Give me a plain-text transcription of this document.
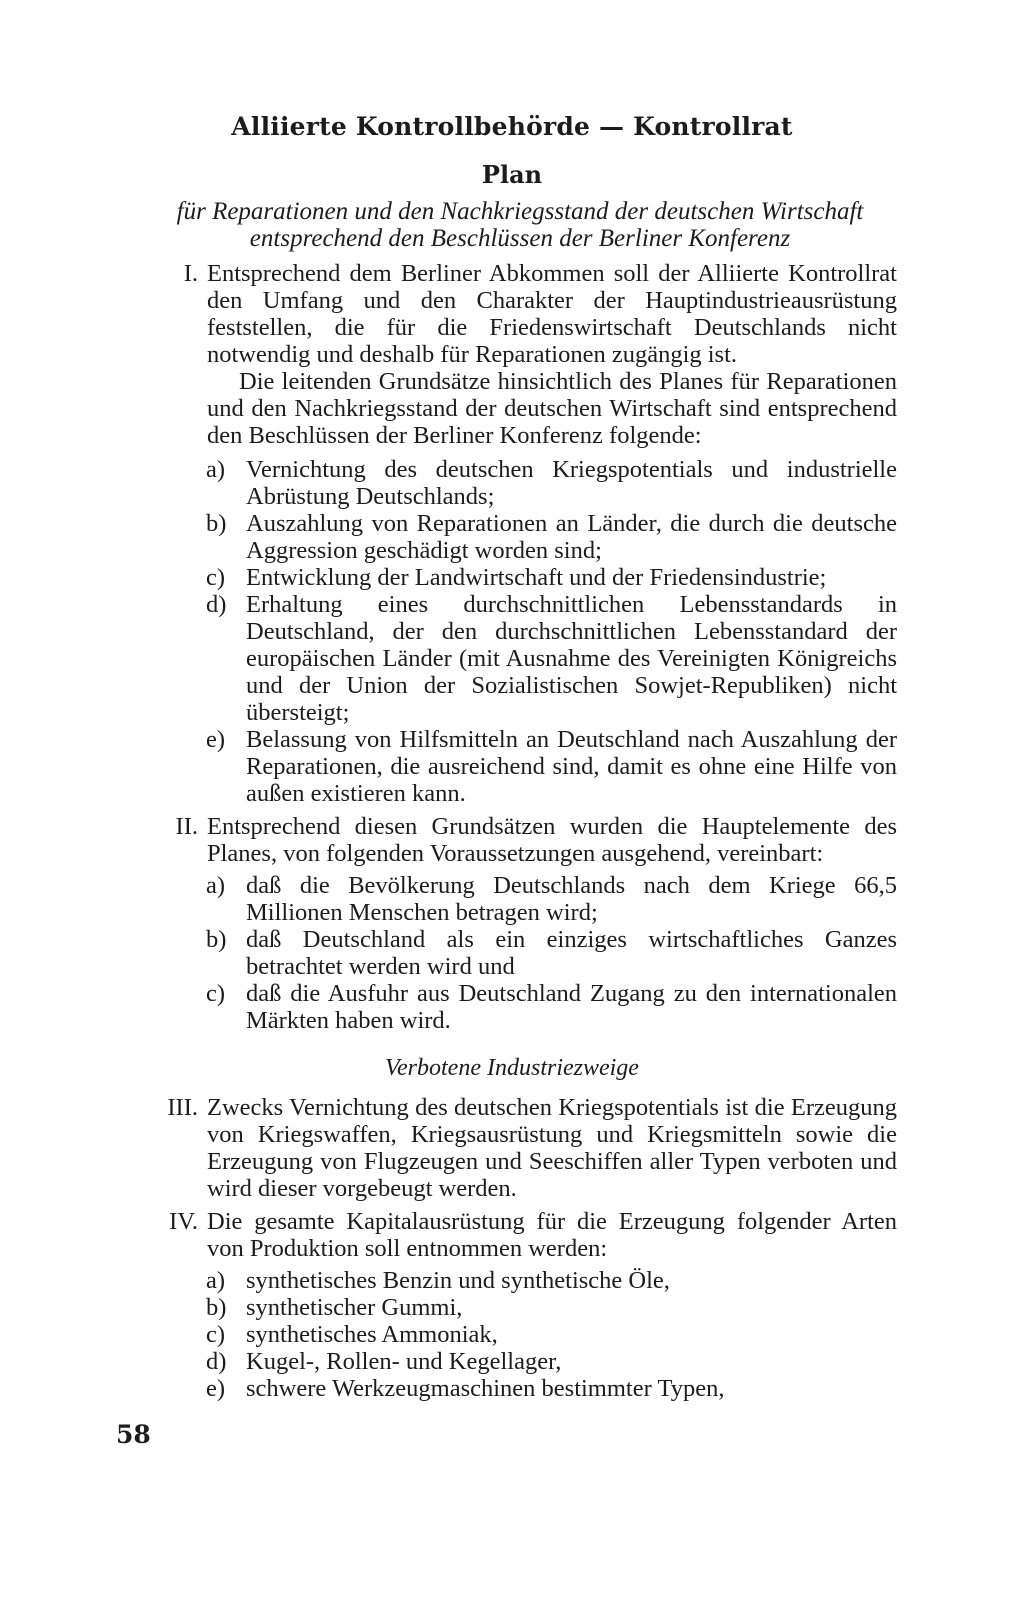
Alliierte Kontrollbehörde — Kontrollrat
Plan
für Reparationen und den Nachkriegsstand der deutschen Wirtschaft
entsprechend den Beschlüssen der Berliner Konferenz
I. Entsprechend dem Berliner Abkommen soll der Alliierte Kontrollrat den Umfang und den Charakter der Hauptindustrieausrüstung feststellen, die für die Friedenswirtschaft Deutschlands nicht notwendig und deshalb für Reparationen zugängig ist.
Die leitenden Grundsätze hinsichtlich des Planes für Reparationen und den Nachkriegsstand der deutschen Wirtschaft sind entsprechend den Beschlüssen der Berliner Konferenz folgende:
a) Vernichtung des deutschen Kriegspotentials und industrielle Abrüstung Deutschlands;
b) Auszahlung von Reparationen an Länder, die durch die deutsche Aggression geschädigt worden sind;
c) Entwicklung der Landwirtschaft und der Friedensindustrie;
d) Erhaltung eines durchschnittlichen Lebensstandards in Deutschland, der den durchschnittlichen Lebensstandard der europäischen Länder (mit Ausnahme des Vereinigten Königreichs und der Union der Sozialistischen Sowjet-Republiken) nicht übersteigt;
e) Belassung von Hilfsmitteln an Deutschland nach Auszahlung der Reparationen, die ausreichend sind, damit es ohne eine Hilfe von außen existieren kann.
II. Entsprechend diesen Grundsätzen wurden die Hauptelemente des Planes, von folgenden Voraussetzungen ausgehend, vereinbart:
a) daß die Bevölkerung Deutschlands nach dem Kriege 66,5 Millionen Menschen betragen wird;
b) daß Deutschland als ein einziges wirtschaftliches Ganzes betrachtet werden wird und
c) daß die Ausfuhr aus Deutschland Zugang zu den internationalen Märkten haben wird.
Verbotene Industriezweige
III. Zwecks Vernichtung des deutschen Kriegspotentials ist die Erzeugung von Kriegswaffen, Kriegsausrüstung und Kriegsmitteln sowie die Erzeugung von Flugzeugen und Seeschiffen aller Typen verboten und wird dieser vorgebeugt werden.
IV. Die gesamte Kapitalausrüstung für die Erzeugung folgender Arten von Produktion soll entnommen werden:
a) synthetisches Benzin und synthetische Öle,
b) synthetischer Gummi,
c) synthetisches Ammoniak,
d) Kugel-, Rollen- und Kegellager,
e) schwere Werkzeugmaschinen bestimmter Typen,
58
